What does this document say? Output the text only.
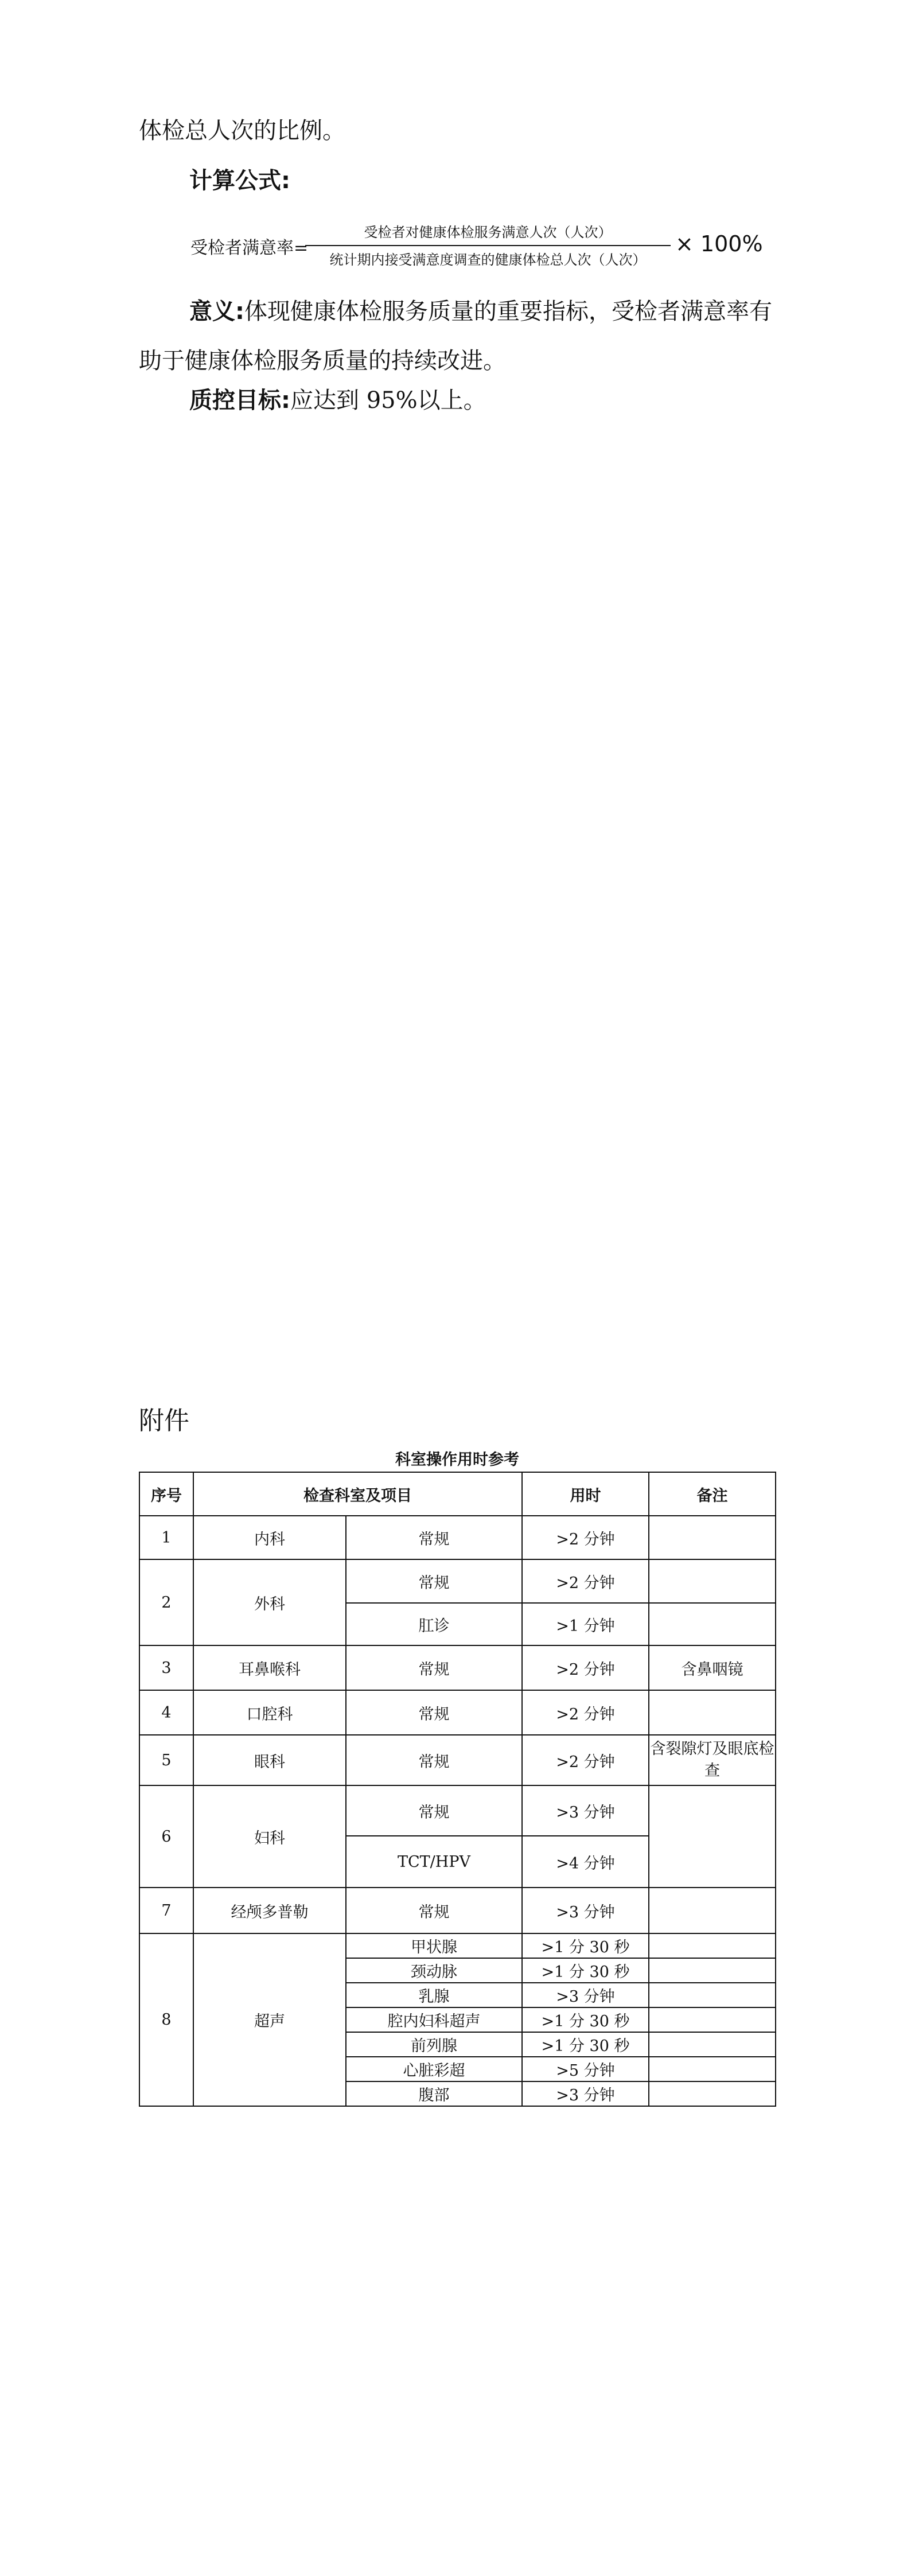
体检总人次的比例。
计算公式:
受检者满意率=
受检者对健康体检服务满意人次（人次）
统计期内接受满意度调查的健康体检总人次（人次）
× 100%
意义:体现健康体检服务质量的重要指标，受检者满意率有助于健康体检服务质量的持续改进。
质控目标:应达到 95%以上。
附件
科室操作用时参考
序号	检查科室及项目		用时	备注
1	内科	常规	>2 分钟	
2	外科	常规	>2 分钟	
		肛诊	>1 分钟	
3	耳鼻喉科	常规	>2 分钟	含鼻咽镜
4	口腔科	常规	>2 分钟	
5	眼科	常规	>2 分钟	含裂隙灯及眼底检查
6	妇科	常规	>3 分钟	
		TCT/HPV	>4 分钟	
7	经颅多普勒	常规	>3 分钟	
8	超声	甲状腺	>1 分 30 秒	
		颈动脉	>1 分 30 秒	
		乳腺	>3 分钟	
		腔内妇科超声	>1 分 30 秒	
		前列腺	>1 分 30 秒	
		心脏彩超	>5 分钟	
		腹部	>3 分钟	
